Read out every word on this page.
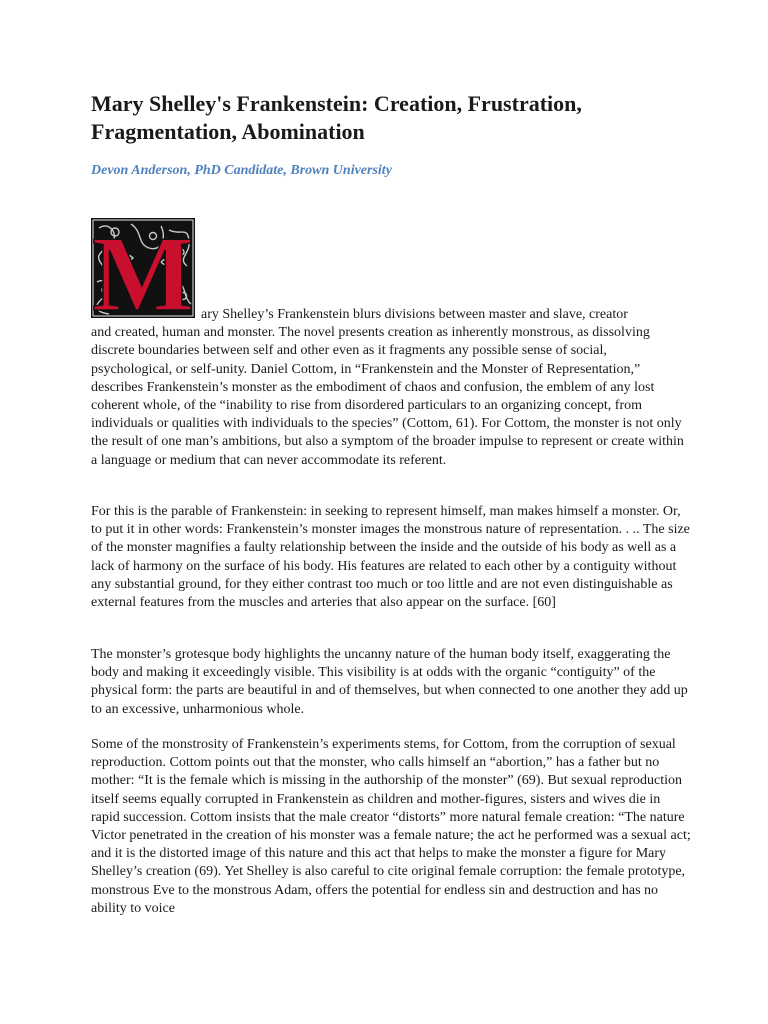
Mary Shelley's Frankenstein: Creation, Frustration, Fragmentation, Abomination

Devon Anderson, PhD Candidate, Brown University

M ary Shelley’s Frankenstein blurs divisions between master and slave, creator
and created, human and monster. The novel presents creation as inherently monstrous, as dissolving discrete boundaries between self and other even as it fragments any possible sense of social, psychological, or self-unity. Daniel Cottom, in “Frankenstein and the Monster of Representation,” describes Frankenstein’s monster as the embodiment of chaos and confusion, the emblem of any lost coherent whole, of the “inability to rise from disordered particulars to an organizing concept, from individuals or qualities with individuals to the species” (Cottom, 61). For Cottom, the monster is not only the result of one man’s ambitions, but also a symptom of the broader impulse to represent or create within a language or medium that can never accommodate its referent.

For this is the parable of Frankenstein: in seeking to represent himself, man makes himself a monster. Or, to put it in other words: Frankenstein’s monster images the monstrous nature of representation. . .. The size of the monster magnifies a faulty relationship between the inside and the outside of his body as well as a lack of harmony on the surface of his body. His features are related to each other by a contiguity without any substantial ground, for they either contrast too much or too little and are not even distinguishable as external features from the muscles and arteries that also appear on the surface. [60]

The monster’s grotesque body highlights the uncanny nature of the human body itself, exaggerating the body and making it exceedingly visible. This visibility is at odds with the organic “contiguity” of the physical form: the parts are beautiful in and of themselves, but when connected to one another they add up to an excessive, unharmonious whole.

Some of the monstrosity of Frankenstein’s experiments stems, for Cottom, from the corruption of sexual reproduction. Cottom points out that the monster, who calls himself an “abortion,” has a father but no mother: “It is the female which is missing in the authorship of the monster” (69). But sexual reproduction itself seems equally corrupted in Frankenstein as children and mother-figures, sisters and wives die in rapid succession. Cottom insists that the male creator “distorts” more natural female creation: “The nature Victor penetrated in the creation of his monster was a female nature; the act he performed was a sexual act; and it is the distorted image of this nature and this act that helps to make the monster a figure for Mary Shelley’s creation (69). Yet Shelley is also careful to cite original female corruption: the female prototype, monstrous Eve to the monstrous Adam, offers the potential for endless sin and destruction and has no ability to voice
